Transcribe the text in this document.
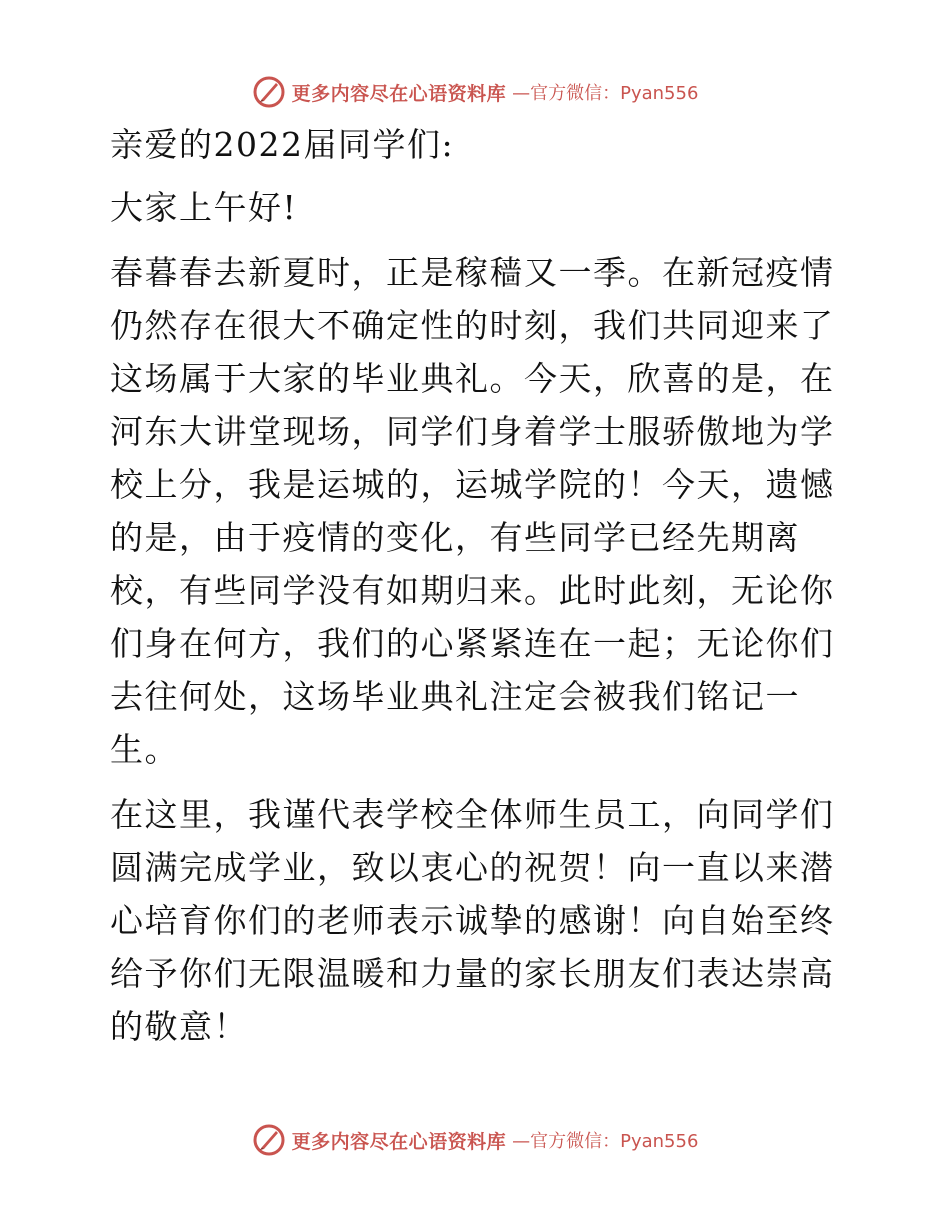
更多内容尽在心语资料库 —官方微信：Pyan556

亲爱的2022届同学们:

大家上午好!

春暮春去新夏时，正是稼穑又一季。在新冠疫情仍然存在很大不确定性的时刻，我们共同迎来了这场属于大家的毕业典礼。今天，欣喜的是，在河东大讲堂现场，同学们身着学士服骄傲地为学校上分，我是运城的，运城学院的！今天，遗憾的是，由于疫情的变化，有些同学已经先期离校，有些同学没有如期归来。此时此刻，无论你们身在何方，我们的心紧紧连在一起；无论你们去往何处，这场毕业典礼注定会被我们铭记一生。

在这里，我谨代表学校全体师生员工，向同学们圆满完成学业，致以衷心的祝贺！向一直以来潜心培育你们的老师表示诚挚的感谢！向自始至终给予你们无限温暖和力量的家长朋友们表达崇高的敬意！

更多内容尽在心语资料库 —官方微信：Pyan556
